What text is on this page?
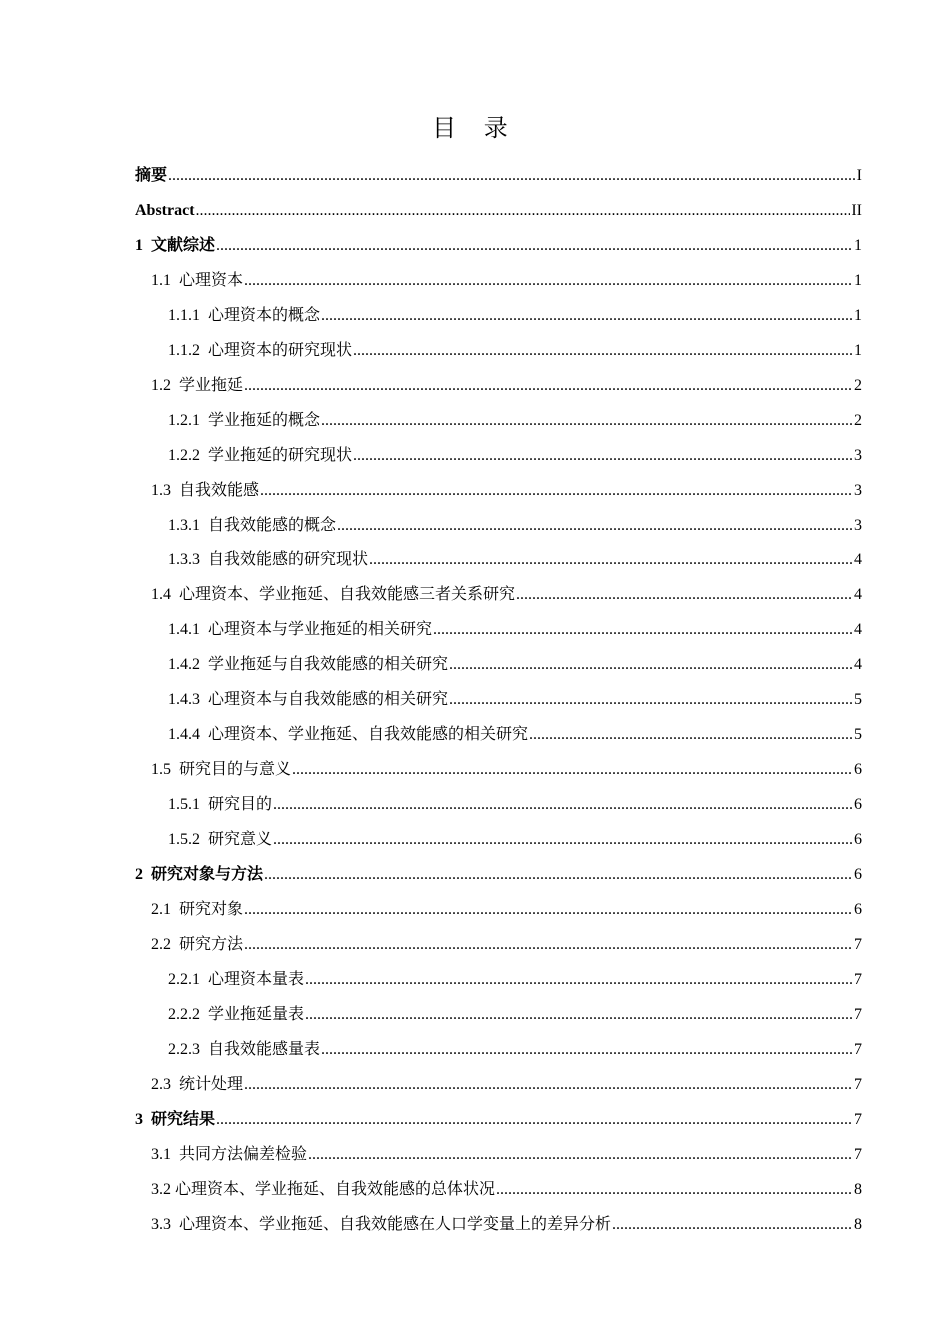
目 录
摘要 .....	I
Abstract .....	II
1  文献综述 .....	1
1.1  心理资本 .....	1
1.1.1  心理资本的概念 .....	1
1.1.2  心理资本的研究现状 .....	1
1.2  学业拖延 .....	2
1.2.1  学业拖延的概念 .....	2
1.2.2  学业拖延的研究现状 .....	3
1.3  自我效能感 .....	3
1.3.1  自我效能感的概念 .....	3
1.3.3  自我效能感的研究现状 .....	4
1.4  心理资本、学业拖延、自我效能感三者关系研究 .....	4
1.4.1  心理资本与学业拖延的相关研究 .....	4
1.4.2  学业拖延与自我效能感的相关研究 .....	4
1.4.3  心理资本与自我效能感的相关研究 .....	5
1.4.4  心理资本、学业拖延、自我效能感的相关研究 .....	5
1.5  研究目的与意义 .....	6
1.5.1  研究目的 .....	6
1.5.2  研究意义 .....	6
2  研究对象与方法 .....	6
2.1  研究对象 .....	6
2.2  研究方法 .....	7
2.2.1  心理资本量表 .....	7
2.2.2  学业拖延量表 .....	7
2.2.3  自我效能感量表 .....	7
2.3  统计处理 .....	7
3  研究结果 .....	7
3.1  共同方法偏差检验 .....	7
3.2 心理资本、学业拖延、自我效能感的总体状况 .....	8
3.3  心理资本、学业拖延、自我效能感在人口学变量上的差异分析 .....	8
